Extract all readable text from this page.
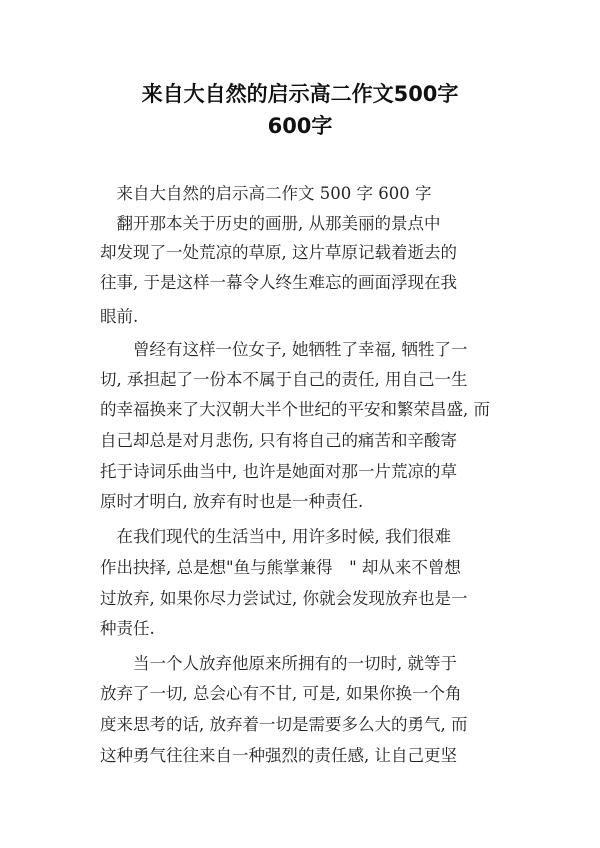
来自大自然的启示高二作文500字
600字
　来自大自然的启示高二作文 500 字 600 字
　翻开那本关于历史的画册, 从那美丽的景点中
却发现了一处荒凉的草原, 这片草原记载着逝去的
往事, 于是这样一幕令人终生难忘的画面浮现在我
眼前.
　　曾经有这样一位女子, 她牺牲了幸福, 牺牲了一
切, 承担起了一份本不属于自己的责任, 用自己一生
的幸福换来了大汉朝大半个世纪的平安和繁荣昌盛, 而
自己却总是对月悲伤, 只有将自己的痛苦和辛酸寄
托于诗词乐曲当中, 也许是她面对那一片荒凉的草
原时才明白, 放弃有时也是一种责任.
　在我们现代的生活当中, 用许多时候, 我们很难
作出抉择, 总是想"鱼与熊掌兼得　" 却从来不曾想
过放弃, 如果你尽力尝试过, 你就会发现放弃也是一
种责任.
　　当一个人放弃他原来所拥有的一切时, 就等于
放弃了一切, 总会心有不甘, 可是, 如果你换一个角
度来思考的话, 放弃着一切是需要多么大的勇气, 而
这种勇气往往来自一种强烈的责任感, 让自己更坚
